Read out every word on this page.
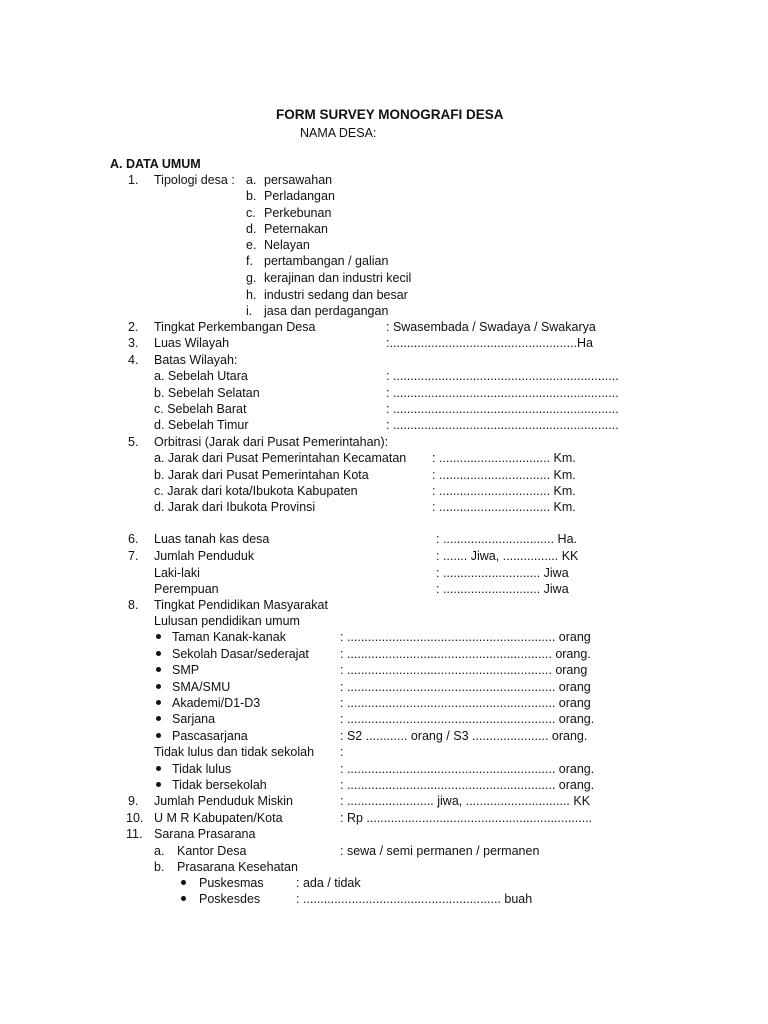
FORM SURVEY MONOGRAFI DESA
NAMA DESA:
A. DATA UMUM
1. Tipologi desa : a. persawahan
b. Perladangan
c. Perkebunan
d. Peternakan
e. Nelayan
f. pertambangan / galian
g. kerajinan dan industri kecil
h. industri sedang dan besar
i. jasa dan perdagangan
2. Tingkat Perkembangan Desa	: Swasembada / Swadaya / Swakarya
3. Luas Wilayah	:......................................................Ha
4. Batas Wilayah:
a. Sebelah Utara	: .................................................................
b. Sebelah Selatan	: .................................................................
c. Sebelah Barat	: .................................................................
d. Sebelah Timur	: .................................................................
5. Orbitrasi (Jarak dari Pusat Pemerintahan):
a. Jarak dari Pusat Pemerintahan Kecamatan : ................................ Km.
b. Jarak dari Pusat Pemerintahan Kota	: ................................ Km.
c. Jarak dari kota/Ibukota Kabupaten	: ................................ Km.
d. Jarak dari Ibukota Provinsi	: ................................ Km.
6. Luas tanah kas desa	: ................................ Ha.
7. Jumlah Penduduk	: ....... Jiwa, ................ KK
Laki-laki	: ............................ Jiwa
Perempuan	: ............................ Jiwa
8. Tingkat Pendidikan Masyarakat
Lulusan pendidikan umum
Taman Kanak-kanak	: ............................................................ orang
Sekolah Dasar/sederajat : ........................................................... orang.
SMP	: ........................................................... orang
SMA/SMU	: ............................................................ orang
Akademi/D1-D3	: ............................................................ orang
Sarjana	: ............................................................ orang.
Pascasarjana	: S2 ............ orang / S3 ...................... orang.
Tidak lulus dan tidak sekolah :
Tidak lulus	: ............................................................ orang.
Tidak bersekolah	: ............................................................ orang.
9. Jumlah Penduduk Miskin	: ......................... jiwa, .............................. KK
10. U M R Kabupaten/Kota	: Rp .................................................................
11. Sarana Prasarana
a. Kantor Desa	: sewa / semi permanen / permanen
b. Prasarana Kesehatan
Puskesmas	: ada / tidak
Poskesdes	: ......................................................... buah
